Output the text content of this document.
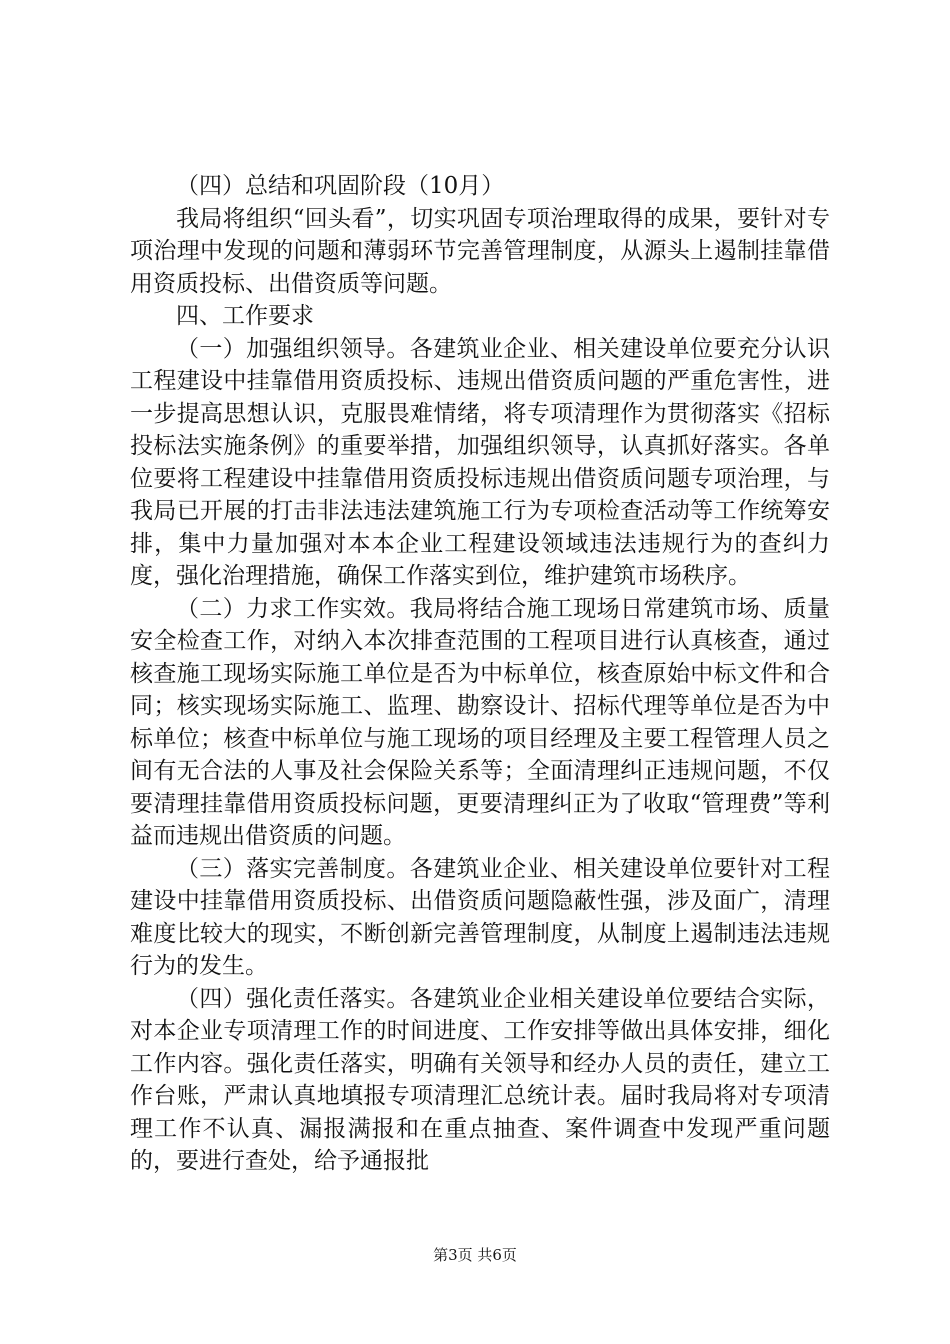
（四）总结和巩固阶段（10月）

我局将组织“回头看”，切实巩固专项治理取得的成果，要针对专项治理中发现的问题和薄弱环节完善管理制度，从源头上遏制挂靠借用资质投标、出借资质等问题。

四、工作要求

（一）加强组织领导。各建筑业企业、相关建设单位要充分认识工程建设中挂靠借用资质投标、违规出借资质问题的严重危害性，进一步提高思想认识，克服畏难情绪，将专项清理作为贯彻落实《招标投标法实施条例》的重要举措，加强组织领导，认真抓好落实。各单位要将工程建设中挂靠借用资质投标违规出借资质问题专项治理，与我局已开展的打击非法违法建筑施工行为专项检查活动等工作统筹安排，集中力量加强对本本企业工程建设领域违法违规行为的查纠力度，强化治理措施，确保工作落实到位，维护建筑市场秩序。

（二）力求工作实效。我局将结合施工现场日常建筑市场、质量安全检查工作，对纳入本次排查范围的工程项目进行认真核查，通过核查施工现场实际施工单位是否为中标单位，核查原始中标文件和合同；核实现场实际施工、监理、勘察设计、招标代理等单位是否为中标单位；核查中标单位与施工现场的项目经理及主要工程管理人员之间有无合法的人事及社会保险关系等；全面清理纠正违规问题，不仅要清理挂靠借用资质投标问题，更要清理纠正为了收取“管理费”等利益而违规出借资质的问题。

（三）落实完善制度。各建筑业企业、相关建设单位要针对工程建设中挂靠借用资质投标、出借资质问题隐蔽性强，涉及面广，清理难度比较大的现实，不断创新完善管理制度，从制度上遏制违法违规行为的发生。

（四）强化责任落实。各建筑业企业相关建设单位要结合实际，对本企业专项清理工作的时间进度、工作安排等做出具体安排，细化工作内容。强化责任落实，明确有关领导和经办人员的责任，建立工作台账，严肃认真地填报专项清理汇总统计表。届时我局将对专项清理工作不认真、漏报满报和在重点抽查、案件调查中发现严重问题的，要进行查处，给予通报批

第3页 共6页
